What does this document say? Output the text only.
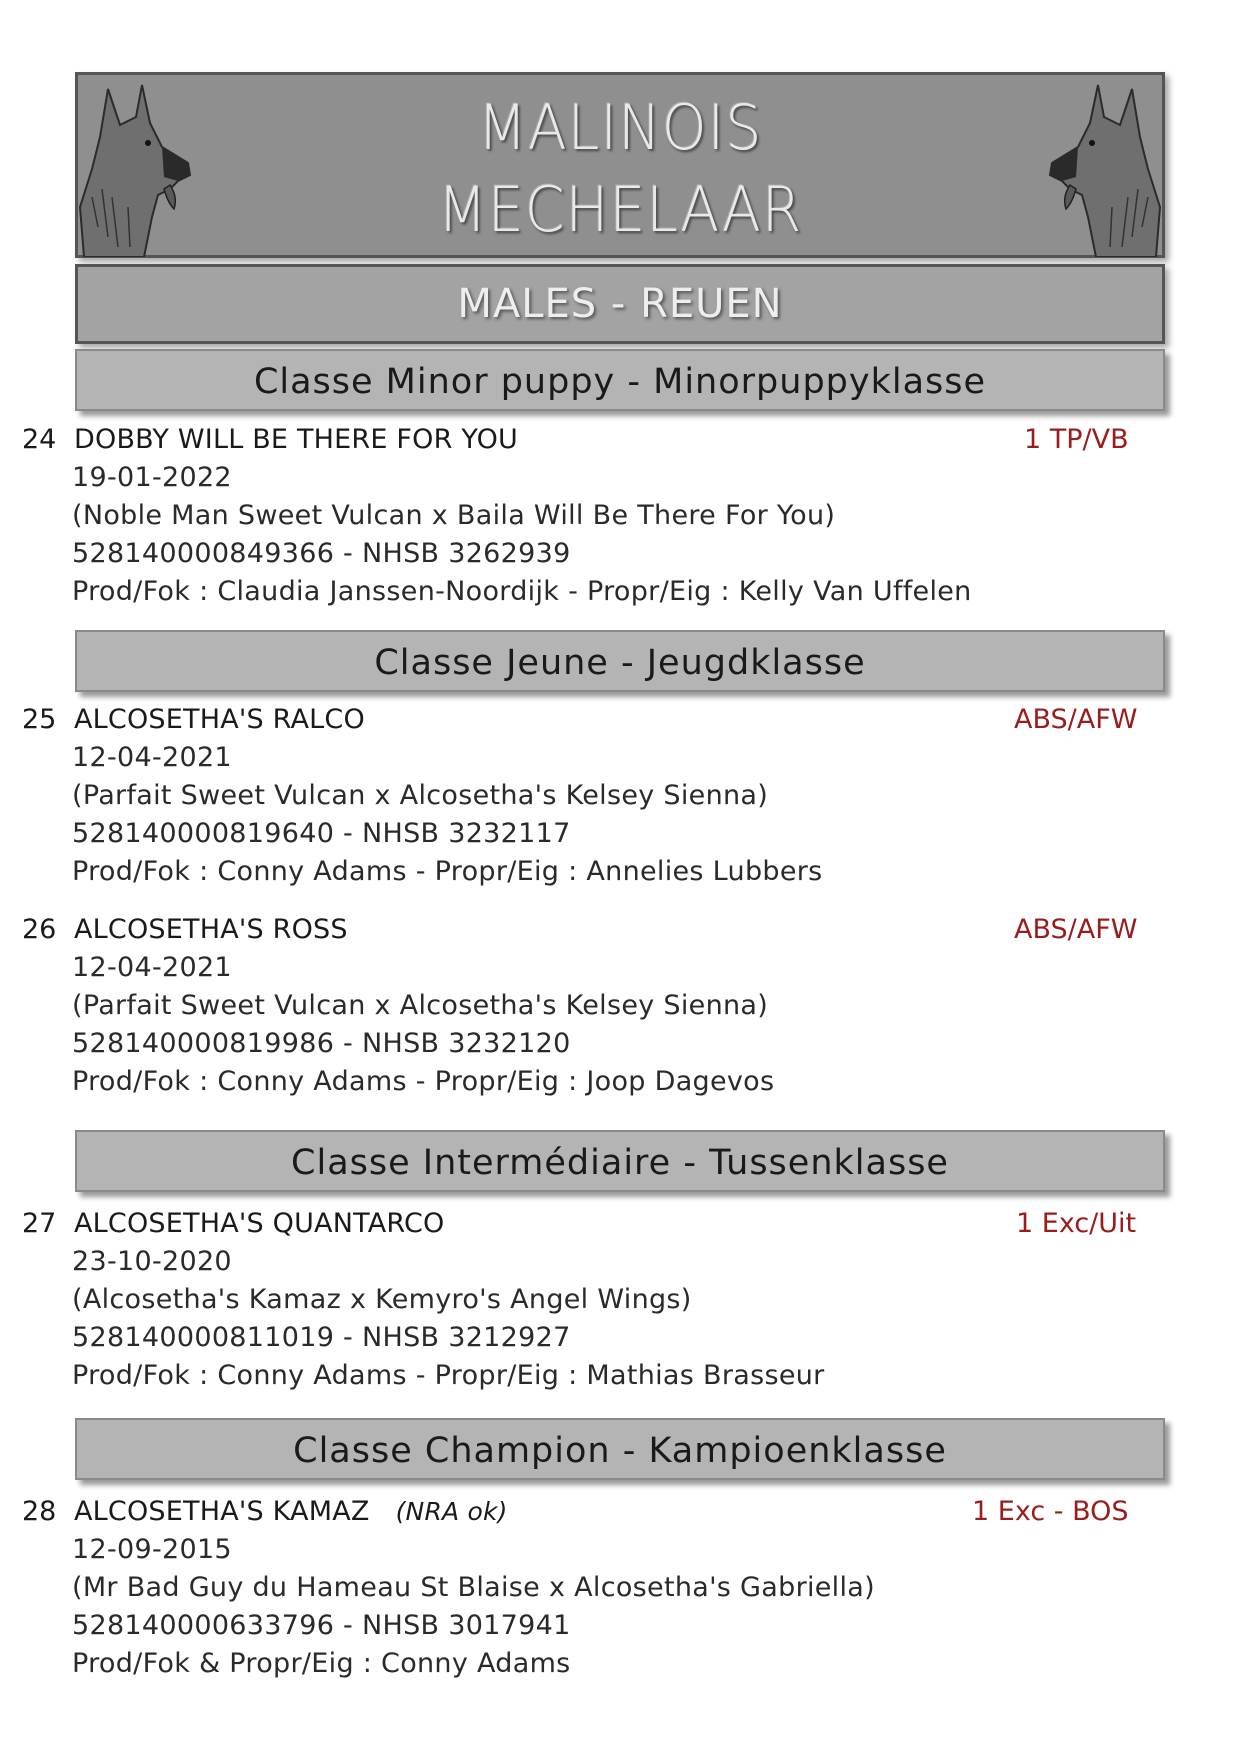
MALINOIS
MECHELAAR
MALES - REUEN
Classe Minor puppy - Minorpuppyklasse
24 DOBBY WILL BE THERE FOR YOU	1 TP/VB
19-01-2022
(Noble Man Sweet Vulcan x Baila Will Be There For You)
528140000849366 - NHSB 3262939
Prod/Fok : Claudia Janssen-Noordijk - Propr/Eig : Kelly Van Uffelen
Classe Jeune - Jeugdklasse
25 ALCOSETHA'S RALCO	ABS/AFW
12-04-2021
(Parfait Sweet Vulcan x Alcosetha's Kelsey Sienna)
528140000819640 - NHSB 3232117
Prod/Fok : Conny Adams - Propr/Eig : Annelies Lubbers
26 ALCOSETHA'S ROSS	ABS/AFW
12-04-2021
(Parfait Sweet Vulcan x Alcosetha's Kelsey Sienna)
528140000819986 - NHSB 3232120
Prod/Fok : Conny Adams - Propr/Eig : Joop Dagevos
Classe Intermédiaire - Tussenklasse
27 ALCOSETHA'S QUANTARCO	1 Exc/Uit
23-10-2020
(Alcosetha's Kamaz x Kemyro's Angel Wings)
528140000811019 - NHSB 3212927
Prod/Fok : Conny Adams - Propr/Eig : Mathias Brasseur
Classe Champion - Kampioenklasse
28 ALCOSETHA'S KAMAZ (NRA ok)	1 Exc - BOS
12-09-2015
(Mr Bad Guy du Hameau St Blaise x Alcosetha's Gabriella)
528140000633796 - NHSB 3017941
Prod/Fok & Propr/Eig : Conny Adams
